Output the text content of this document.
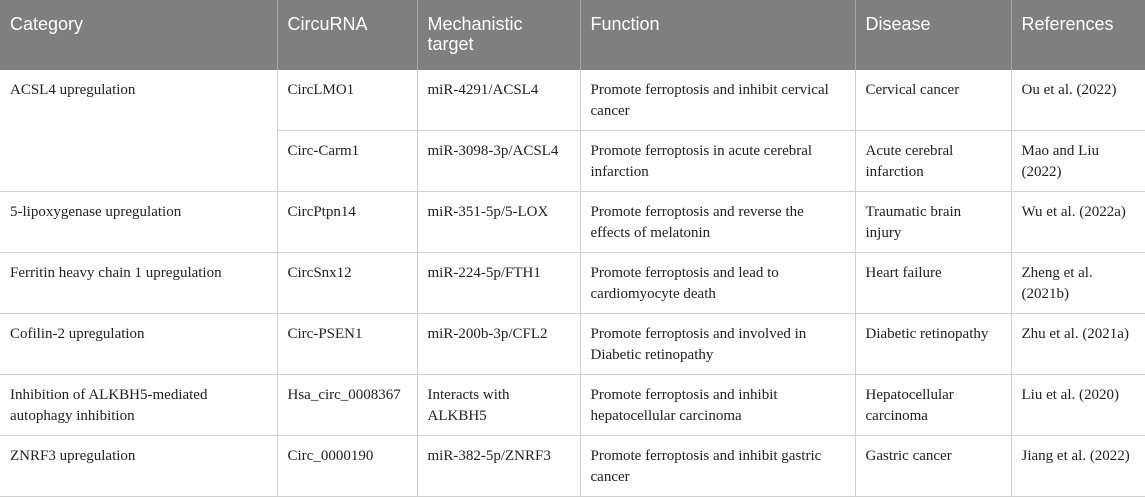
Category	CircuRNA	Mechanistic target	Function	Disease	References
ACSL4 upregulation	CircLMO1	miR-4291/ACSL4	Promote ferroptosis and inhibit cervical cancer	Cervical cancer	Ou et al. (2022)
	Circ-Carm1	miR-3098-3p/ACSL4	Promote ferroptosis in acute cerebral infarction	Acute cerebral infarction	Mao and Liu (2022)
5-lipoxygenase upregulation	CircPtpn14	miR-351-5p/5-LOX	Promote ferroptosis and reverse the effects of melatonin	Traumatic brain injury	Wu et al. (2022a)
Ferritin heavy chain 1 upregulation	CircSnx12	miR-224-5p/FTH1	Promote ferroptosis and lead to cardiomyocyte death	Heart failure	Zheng et al. (2021b)
Cofilin-2 upregulation	Circ-PSEN1	miR-200b-3p/CFL2	Promote ferroptosis and involved in Diabetic retinopathy	Diabetic retinopathy	Zhu et al. (2021a)
Inhibition of ALKBH5-mediated autophagy inhibition	Hsa_circ_0008367	Interacts with ALKBH5	Promote ferroptosis and inhibit hepatocellular carcinoma	Hepatocellular carcinoma	Liu et al. (2020)
ZNRF3 upregulation	Circ_0000190	miR-382-5p/ZNRF3	Promote ferroptosis and inhibit gastric cancer	Gastric cancer	Jiang et al. (2022)
